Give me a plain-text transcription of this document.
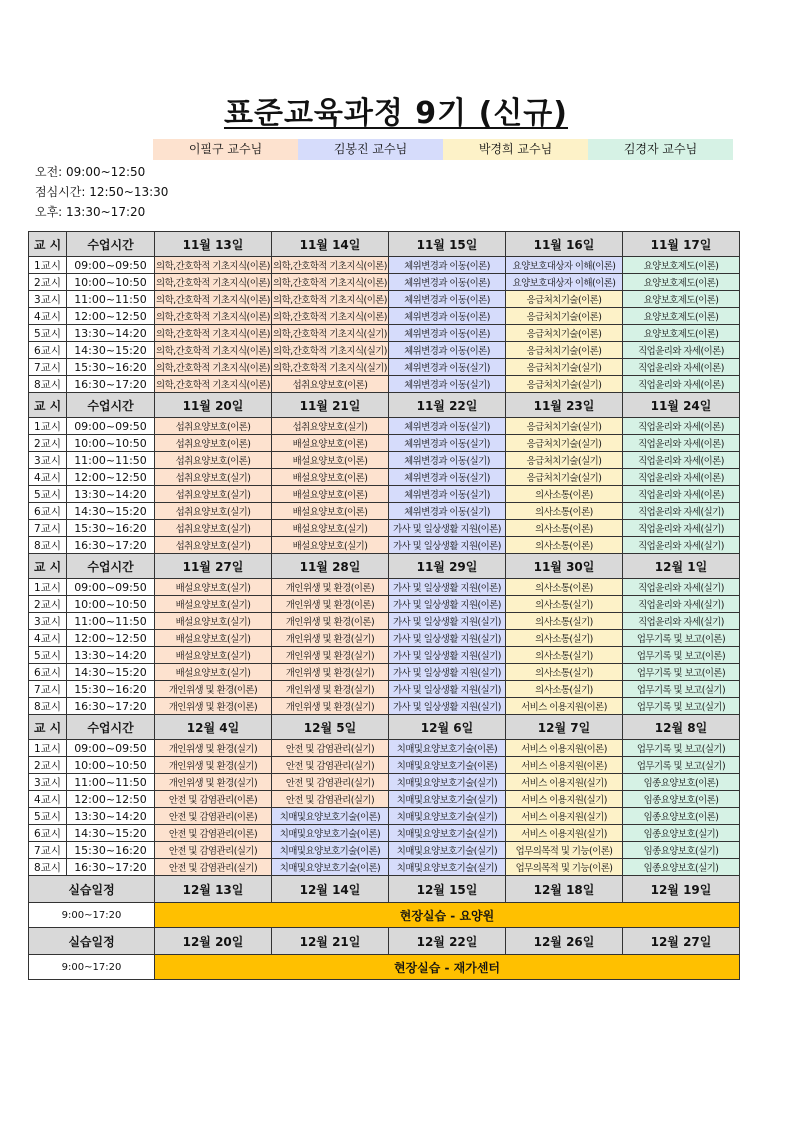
표준교육과정 9기 (신규)
이필구 교수님	김봉진 교수님	박경희 교수님	김경자 교수님
오전: 09:00~12:50
점심시간: 12:50~13:30
오후: 13:30~17:20
교 시	수업시간	11월 13일	11월 14일	11월 15일	11월 16일	11월 17일
1교시	09:00~09:50	의학,간호학적 기초지식(이론)	의학,간호학적 기초지식(이론)	체위변경과 이동(이론)	요양보호대상자 이해(이론)	요양보호제도(이론)
2교시	10:00~10:50	의학,간호학적 기초지식(이론)	의학,간호학적 기초지식(이론)	체위변경과 이동(이론)	요양보호대상자 이해(이론)	요양보호제도(이론)
3교시	11:00~11:50	의학,간호학적 기초지식(이론)	의학,간호학적 기초지식(이론)	체위변경과 이동(이론)	응급처치기술(이론)	요양보호제도(이론)
4교시	12:00~12:50	의학,간호학적 기초지식(이론)	의학,간호학적 기초지식(이론)	체위변경과 이동(이론)	응급처치기술(이론)	요양보호제도(이론)
5교시	13:30~14:20	의학,간호학적 기초지식(이론)	의학,간호학적 기초지식(실기)	체위변경과 이동(이론)	응급처치기술(이론)	요양보호제도(이론)
6교시	14:30~15:20	의학,간호학적 기초지식(이론)	의학,간호학적 기초지식(실기)	체위변경과 이동(이론)	응급처치기술(이론)	직업윤리와 자세(이론)
7교시	15:30~16:20	의학,간호학적 기초지식(이론)	의학,간호학적 기초지식(실기)	체위변경과 이동(실기)	응급처치기술(실기)	직업윤리와 자세(이론)
8교시	16:30~17:20	의학,간호학적 기초지식(이론)	섭취요양보호(이론)	체위변경과 이동(실기)	응급처치기술(실기)	직업윤리와 자세(이론)
교 시	수업시간	11월 20일	11월 21일	11월 22일	11월 23일	11월 24일
1교시	09:00~09:50	섭취요양보호(이론)	섭취요양보호(실기)	체위변경과 이동(실기)	응급처치기술(실기)	직업윤리와 자세(이론)
2교시	10:00~10:50	섭취요양보호(이론)	배설요양보호(이론)	체위변경과 이동(실기)	응급처치기술(실기)	직업윤리와 자세(이론)
3교시	11:00~11:50	섭취요양보호(이론)	배설요양보호(이론)	체위변경과 이동(실기)	응급처치기술(실기)	직업윤리와 자세(이론)
4교시	12:00~12:50	섭취요양보호(실기)	배설요양보호(이론)	체위변경과 이동(실기)	응급처치기술(실기)	직업윤리와 자세(이론)
5교시	13:30~14:20	섭취요양보호(실기)	배설요양보호(이론)	체위변경과 이동(실기)	의사소통(이론)	직업윤리와 자세(이론)
6교시	14:30~15:20	섭취요양보호(실기)	배설요양보호(이론)	체위변경과 이동(실기)	의사소통(이론)	직업윤리와 자세(실기)
7교시	15:30~16:20	섭취요양보호(실기)	배설요양보호(실기)	가사 및 일상생활 지원(이론)	의사소통(이론)	직업윤리와 자세(실기)
8교시	16:30~17:20	섭취요양보호(실기)	배설요양보호(실기)	가사 및 일상생활 지원(이론)	의사소통(이론)	직업윤리와 자세(실기)
교 시	수업시간	11월 27일	11월 28일	11월 29일	11월 30일	12월 1일
1교시	09:00~09:50	배설요양보호(실기)	개인위생 및 환경(이론)	가사 및 일상생활 지원(이론)	의사소통(이론)	직업윤리와 자세(실기)
2교시	10:00~10:50	배설요양보호(실기)	개인위생 및 환경(이론)	가사 및 일상생활 지원(이론)	의사소통(실기)	직업윤리와 자세(실기)
3교시	11:00~11:50	배설요양보호(실기)	개인위생 및 환경(이론)	가사 및 일상생활 지원(실기)	의사소통(실기)	직업윤리와 자세(실기)
4교시	12:00~12:50	배설요양보호(실기)	개인위생 및 환경(실기)	가사 및 일상생활 지원(실기)	의사소통(실기)	업무기록 및 보고(이론)
5교시	13:30~14:20	배설요양보호(실기)	개인위생 및 환경(실기)	가사 및 일상생활 지원(실기)	의사소통(실기)	업무기록 및 보고(이론)
6교시	14:30~15:20	배설요양보호(실기)	개인위생 및 환경(실기)	가사 및 일상생활 지원(실기)	의사소통(실기)	업무기록 및 보고(이론)
7교시	15:30~16:20	개인위생 및 환경(이론)	개인위생 및 환경(실기)	가사 및 일상생활 지원(실기)	의사소통(실기)	업무기록 및 보고(실기)
8교시	16:30~17:20	개인위생 및 환경(이론)	개인위생 및 환경(실기)	가사 및 일상생활 지원(실기)	서비스 이용지원(이론)	업무기록 및 보고(실기)
교 시	수업시간	12월 4일	12월 5일	12월 6일	12월 7일	12월 8일
1교시	09:00~09:50	개인위생 및 환경(실기)	안전 및 감염관리(실기)	치매및요양보호기술(이론)	서비스 이용지원(이론)	업무기록 및 보고(실기)
2교시	10:00~10:50	개인위생 및 환경(실기)	안전 및 감염관리(실기)	치매및요양보호기술(이론)	서비스 이용지원(이론)	업무기록 및 보고(실기)
3교시	11:00~11:50	개인위생 및 환경(실기)	안전 및 감염관리(실기)	치매및요양보호기술(실기)	서비스 이용지원(실기)	임종요양보호(이론)
4교시	12:00~12:50	안전 및 감염관리(이론)	안전 및 감염관리(실기)	치매및요양보호기술(실기)	서비스 이용지원(실기)	임종요양보호(이론)
5교시	13:30~14:20	안전 및 감염관리(이론)	치매및요양보호기술(이론)	치매및요양보호기술(실기)	서비스 이용지원(실기)	임종요양보호(이론)
6교시	14:30~15:20	안전 및 감염관리(이론)	치매및요양보호기술(이론)	치매및요양보호기술(실기)	서비스 이용지원(실기)	임종요양보호(실기)
7교시	15:30~16:20	안전 및 감염관리(실기)	치매및요양보호기술(이론)	치매및요양보호기술(실기)	업무의목적 및 기능(이론)	임종요양보호(실기)
8교시	16:30~17:20	안전 및 감염관리(실기)	치매및요양보호기술(이론)	치매및요양보호기술(실기)	업무의목적 및 기능(이론)	임종요양보호(실기)
실습일정		12월 13일	12월 14일	12월 15일	12월 18일	12월 19일
9:00~17:20		현장실습 - 요양원				
실습일정		12월 20일	12월 21일	12월 22일	12월 26일	12월 27일
9:00~17:20		현장실습 - 재가센터				
